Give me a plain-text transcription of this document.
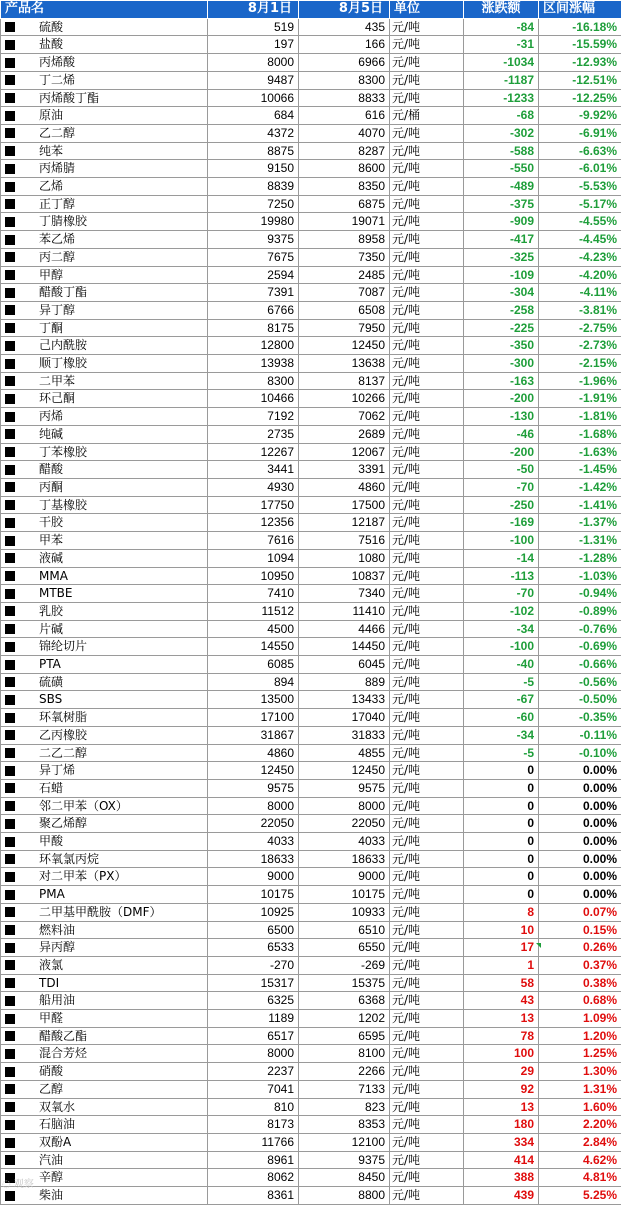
产品名	8月1日	8月5日	单位	涨跌额	区间涨幅
硫酸	519	435	元/吨	-84	-16.18%
盐酸	197	166	元/吨	-31	-15.59%
丙烯酸	8000	6966	元/吨	-1034	-12.93%
丁二烯	9487	8300	元/吨	-1187	-12.51%
丙烯酸丁酯	10066	8833	元/吨	-1233	-12.25%
原油	684	616	元/桶	-68	-9.92%
乙二醇	4372	4070	元/吨	-302	-6.91%
纯苯	8875	8287	元/吨	-588	-6.63%
丙烯腈	9150	8600	元/吨	-550	-6.01%
乙烯	8839	8350	元/吨	-489	-5.53%
正丁醇	7250	6875	元/吨	-375	-5.17%
丁腈橡胶	19980	19071	元/吨	-909	-4.55%
苯乙烯	9375	8958	元/吨	-417	-4.45%
丙二醇	7675	7350	元/吨	-325	-4.23%
甲醇	2594	2485	元/吨	-109	-4.20%
醋酸丁酯	7391	7087	元/吨	-304	-4.11%
异丁醇	6766	6508	元/吨	-258	-3.81%
丁酮	8175	7950	元/吨	-225	-2.75%
己内酰胺	12800	12450	元/吨	-350	-2.73%
顺丁橡胶	13938	13638	元/吨	-300	-2.15%
二甲苯	8300	8137	元/吨	-163	-1.96%
环己酮	10466	10266	元/吨	-200	-1.91%
丙烯	7192	7062	元/吨	-130	-1.81%
纯碱	2735	2689	元/吨	-46	-1.68%
丁苯橡胶	12267	12067	元/吨	-200	-1.63%
醋酸	3441	3391	元/吨	-50	-1.45%
丙酮	4930	4860	元/吨	-70	-1.42%
丁基橡胶	17750	17500	元/吨	-250	-1.41%
干胶	12356	12187	元/吨	-169	-1.37%
甲苯	7616	7516	元/吨	-100	-1.31%
液碱	1094	1080	元/吨	-14	-1.28%
MMA	10950	10837	元/吨	-113	-1.03%
MTBE	7410	7340	元/吨	-70	-0.94%
乳胶	11512	11410	元/吨	-102	-0.89%
片碱	4500	4466	元/吨	-34	-0.76%
锦纶切片	14550	14450	元/吨	-100	-0.69%
PTA	6085	6045	元/吨	-40	-0.66%
硫磺	894	889	元/吨	-5	-0.56%
SBS	13500	13433	元/吨	-67	-0.50%
环氧树脂	17100	17040	元/吨	-60	-0.35%
乙丙橡胶	31867	31833	元/吨	-34	-0.11%
二乙二醇	4860	4855	元/吨	-5	-0.10%
异丁烯	12450	12450	元/吨	0	0.00%
石蜡	9575	9575	元/吨	0	0.00%
邻二甲苯（OX）	8000	8000	元/吨	0	0.00%
聚乙烯醇	22050	22050	元/吨	0	0.00%
甲酸	4033	4033	元/吨	0	0.00%
环氧氯丙烷	18633	18633	元/吨	0	0.00%
对二甲苯（PX）	9000	9000	元/吨	0	0.00%
PMA	10175	10175	元/吨	0	0.00%
二甲基甲酰胺（DMF）	10925	10933	元/吨	8	0.07%
燃料油	6500	6510	元/吨	10	0.15%
异丙醇	6533	6550	元/吨	17	0.26%
液氯	-270	-269	元/吨	1	0.37%
TDI	15317	15375	元/吨	58	0.38%
船用油	6325	6368	元/吨	43	0.68%
甲醛	1189	1202	元/吨	13	1.09%
醋酸乙酯	6517	6595	元/吨	78	1.20%
混合芳烃	8000	8100	元/吨	100	1.25%
硝酸	2237	2266	元/吨	29	1.30%
乙醇	7041	7133	元/吨	92	1.31%
双氧水	810	823	元/吨	13	1.60%
石脑油	8173	8353	元/吨	180	2.20%
双酚A	11766	12100	元/吨	334	2.84%
汽油	8961	9375	元/吨	414	4.62%
辛醇	8062	8450	元/吨	388	4.81%
柴油	8361	8800	元/吨	439	5.25%
◌ 观察
